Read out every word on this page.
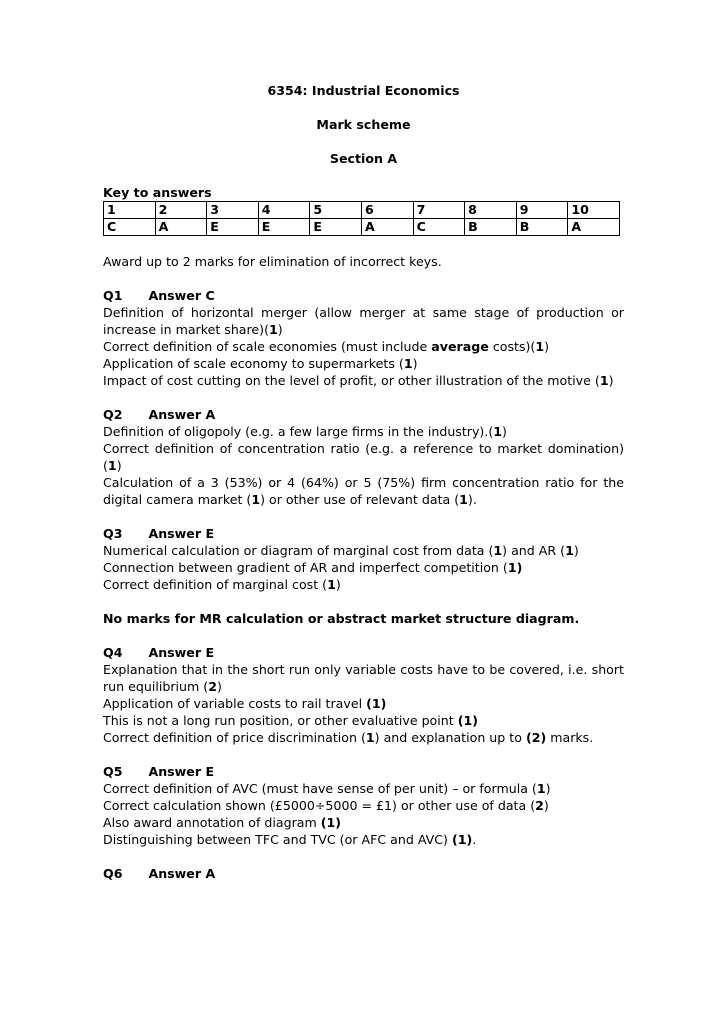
6354: Industrial Economics

Mark scheme

Section A

Key to answers

1	2	3	4	5	6	7	8	9	10
C	A	E	E	E	A	C	B	B	A

Award up to 2 marks for elimination of incorrect keys.

Q1 Answer C

Definition of horizontal merger (allow merger at same stage of production or increase in market share)(1)

Correct definition of scale economies (must include average costs)(1)

Application of scale economy to supermarkets (1)

Impact of cost cutting on the level of profit, or other illustration of the motive (1)

Q2 Answer A

Definition of oligopoly (e.g. a few large firms in the industry).(1)

Correct definition of concentration ratio (e.g. a reference to market domination) (1)

Calculation of a 3 (53%) or 4 (64%) or 5 (75%) firm concentration ratio for the digital camera market (1) or other use of relevant data (1).

Q3 Answer E

Numerical calculation or diagram of marginal cost from data (1) and AR (1)

Connection between gradient of AR and imperfect competition (1)

Correct definition of marginal cost (1)

No marks for MR calculation or abstract market structure diagram.

Q4 Answer E

Explanation that in the short run only variable costs have to be covered, i.e. short run equilibrium (2)

Application of variable costs to rail travel (1)

This is not a long run position, or other evaluative point (1)

Correct definition of price discrimination (1) and explanation up to (2) marks.

Q5 Answer E

Correct definition of AVC (must have sense of per unit) – or formula (1)

Correct calculation shown (£5000÷5000 = £1) or other use of data (2)

Also award annotation of diagram (1)

Distinguishing between TFC and TVC (or AFC and AVC) (1).

Q6 Answer A
